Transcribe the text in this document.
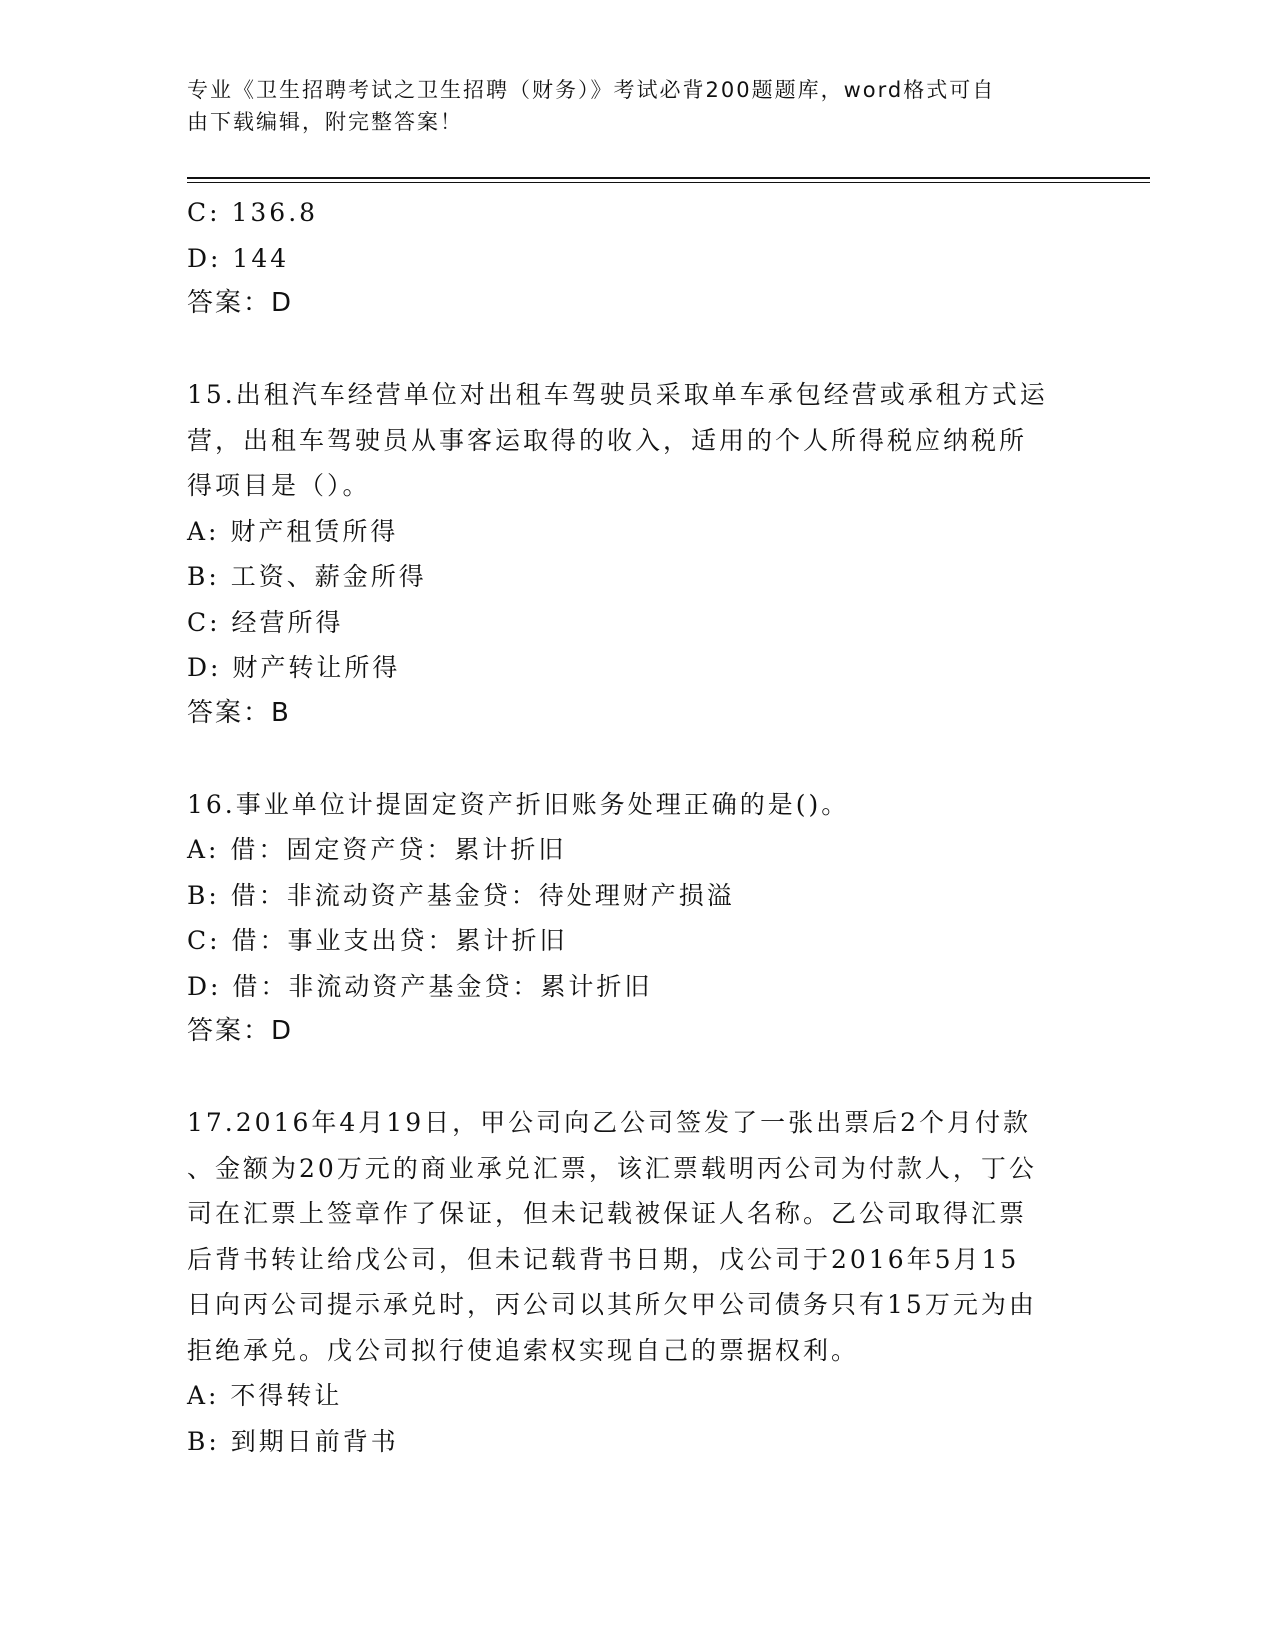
专业《卫生招聘考试之卫生招聘（财务）》考试必背200题题库，word格式可自
由下载编辑，附完整答案！
C: 136.8
D: 144
答案：D
15.出租汽车经营单位对出租车驾驶员采取单车承包经营或承租方式运
营，出租车驾驶员从事客运取得的收入，适用的个人所得税应纳税所
得项目是（）。
A: 财产租赁所得
B: 工资、薪金所得
C: 经营所得
D: 财产转让所得
答案：B
16.事业单位计提固定资产折旧账务处理正确的是()。
A: 借：固定资产贷：累计折旧
B: 借：非流动资产基金贷：待处理财产损溢
C: 借：事业支出贷：累计折旧
D: 借：非流动资产基金贷：累计折旧
答案：D
17.2016年4月19日，甲公司向乙公司签发了一张出票后2个月付款
、金额为20万元的商业承兑汇票，该汇票载明丙公司为付款人，丁公
司在汇票上签章作了保证，但未记载被保证人名称。乙公司取得汇票
后背书转让给戊公司，但未记载背书日期，戊公司于2016年5月15
日向丙公司提示承兑时，丙公司以其所欠甲公司债务只有15万元为由
拒绝承兑。戊公司拟行使追索权实现自己的票据权利。
A: 不得转让
B: 到期日前背书
